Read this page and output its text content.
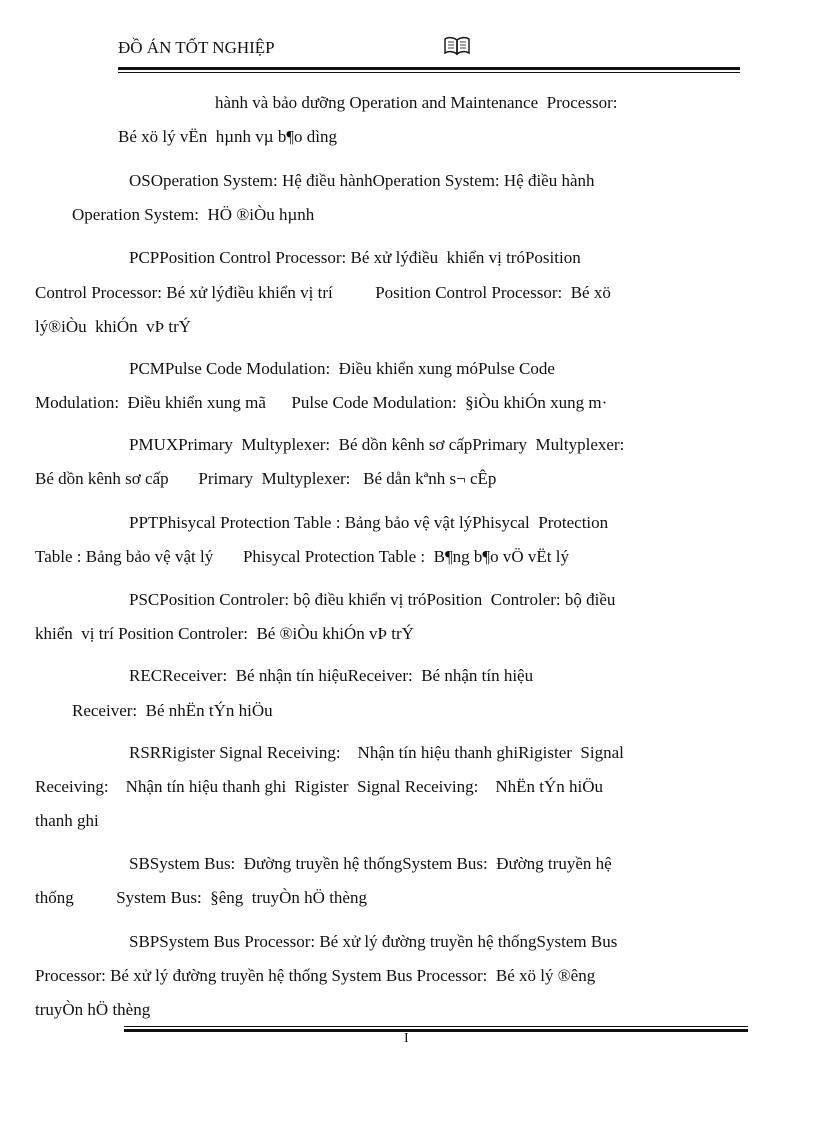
ĐỒ ÁN TỐT NGHIỆP
hành và bảo dưỡng Operation and Maintenance  Processor:
Bé xö lý vËn  hµnh vµ b¶o dìng
OSOperation System: Hệ điều hànhOperation System: Hệ điều hành
Operation System:  HÖ ®iÒu hµnh
PCPPosition Control Processor: Bé xử lýđiều  khiển vị tróPosition
Control Processor: Bé xử lýđiều khiển vị trí          Position Control Processor:  Bé xö
lý®iÒu  khiÓn  vÞ trÝ
PCMPulse Code Modulation:  Điều khiển xung móPulse Code
Modulation:  Điều khiển xung mã      Pulse Code Modulation:  §iÒu khiÓn xung m·
PMUXPrimary  Multyplexer:  Bé dồn kênh sơ cấpPrimary  Multyplexer:
Bé dồn kênh sơ cấp       Primary  Multyplexer:   Bé dån kªnh s¬ cÊp
PPTPhisycal Protection Table : Bảng bảo vệ vật lýPhisycal  Protection
Table : Bảng bảo vệ vật lý       Phisycal Protection Table :  B¶ng b¶o vÖ vËt lý
PSCPosition Controler: bộ điều khiển vị tróPosition  Controler: bộ điều
khiển  vị trí Position Controler:  Bé ®iÒu khiÓn vÞ trÝ
RECReceiver:  Bé nhận tín hiệuReceiver:  Bé nhận tín hiệu
Receiver:  Bé nhËn tÝn hiÖu
RSRRigister Signal Receiving:    Nhận tín hiệu thanh ghiRigister  Signal
Receiving:    Nhận tín hiệu thanh ghi  Rigister  Signal Receiving:    NhËn tÝn hiÖu
thanh ghi
SBSystem Bus:  Đường truyền hệ thốngSystem Bus:  Đường truyền hệ
thống          System Bus:  §êng  truyÒn hÖ thèng
SBPSystem Bus Processor: Bé xử lý đường truyền hệ thốngSystem Bus
Processor: Bé xử lý đường truyền hệ thống System Bus Processor:  Bé xö lý ®êng
truyÒn hÖ thèng
I
